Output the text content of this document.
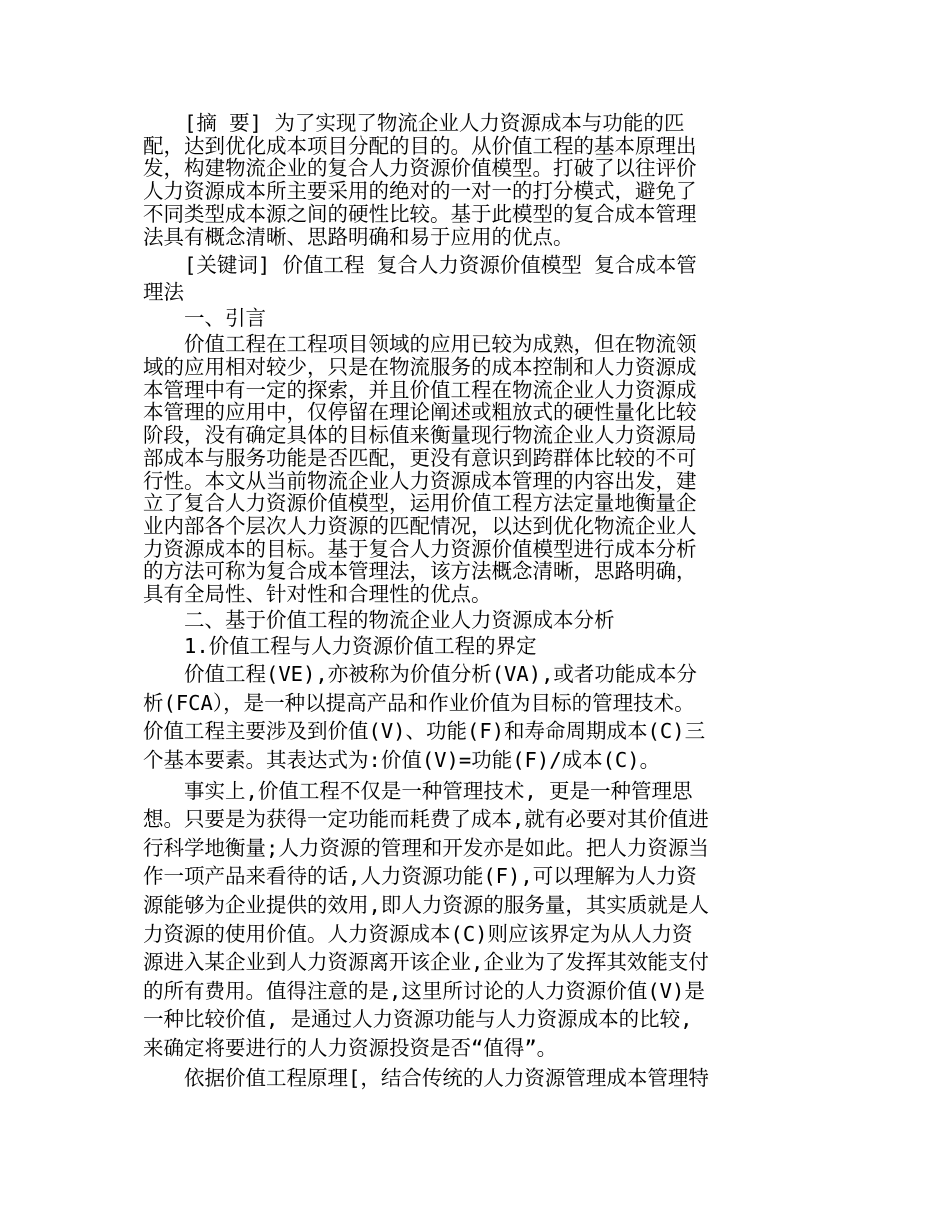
[摘 要] 为了实现了物流企业人力资源成本与功能的匹
配，达到优化成本项目分配的目的。从价值工程的基本原理出
发，构建物流企业的复合人力资源价值模型。打破了以往评价
人力资源成本所主要采用的绝对的一对一的打分模式，避免了
不同类型成本源之间的硬性比较。基于此模型的复合成本管理
法具有概念清晰、思路明确和易于应用的优点。
[关键词] 价值工程 复合人力资源价值模型 复合成本管
理法
一、引言
价值工程在工程项目领域的应用已较为成熟，但在物流领
域的应用相对较少，只是在物流服务的成本控制和人力资源成
本管理中有一定的探索，并且价值工程在物流企业人力资源成
本管理的应用中，仅停留在理论阐述或粗放式的硬性量化比较
阶段，没有确定具体的目标值来衡量现行物流企业人力资源局
部成本与服务功能是否匹配，更没有意识到跨群体比较的不可
行性。本文从当前物流企业人力资源成本管理的内容出发，建
立了复合人力资源价值模型，运用价值工程方法定量地衡量企
业内部各个层次人力资源的匹配情况，以达到优化物流企业人
力资源成本的目标。基于复合人力资源价值模型进行成本分析
的方法可称为复合成本管理法，该方法概念清晰，思路明确，
具有全局性、针对性和合理性的优点。
二、基于价值工程的物流企业人力资源成本分析
1.价值工程与人力资源价值工程的界定
价值工程(VE),亦被称为价值分析(VA),或者功能成本分
析(FCA），是一种以提高产品和作业价值为目标的管理技术。
价值工程主要涉及到价值(V)、功能(F)和寿命周期成本(C)三
个基本要素。其表达式为:价值(V)=功能(F)/成本(C)。
事实上,价值工程不仅是一种管理技术, 更是一种管理思
想。只要是为获得一定功能而耗费了成本,就有必要对其价值进
行科学地衡量;人力资源的管理和开发亦是如此。把人力资源当
作一项产品来看待的话,人力资源功能(F),可以理解为人力资
源能够为企业提供的效用,即人力资源的服务量，其实质就是人
力资源的使用价值。人力资源成本(C)则应该界定为从人力资
源进入某企业到人力资源离开该企业,企业为了发挥其效能支付
的所有费用。值得注意的是,这里所讨论的人力资源价值(V)是
一种比较价值, 是通过人力资源功能与人力资源成本的比较,
来确定将要进行的人力资源投资是否“值得”。
依据价值工程原理[，结合传统的人力资源管理成本管理特
